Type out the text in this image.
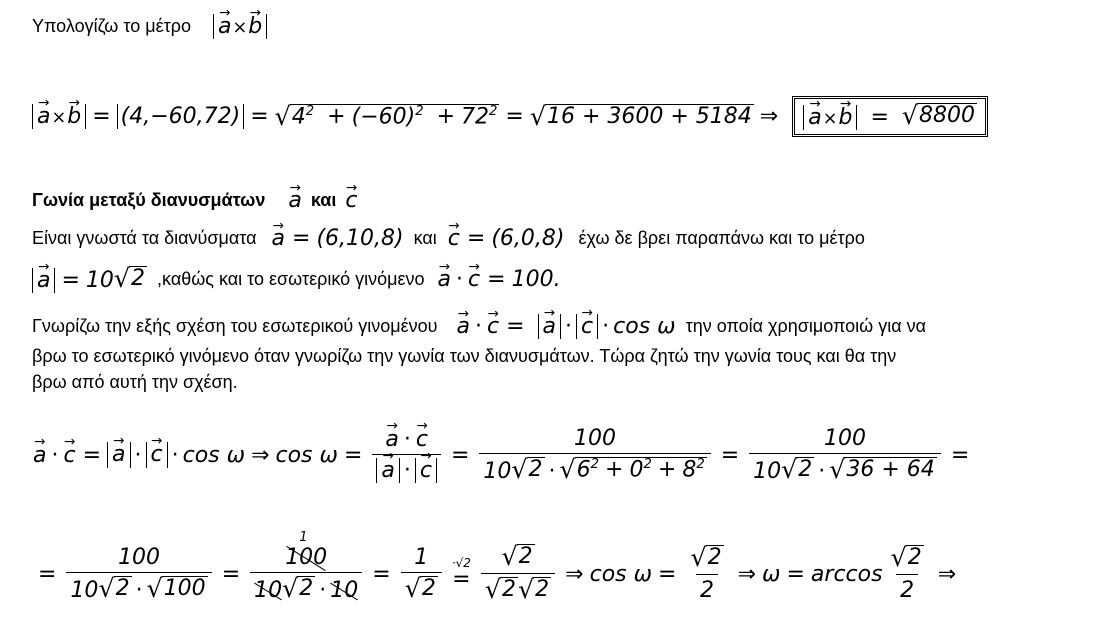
Υπολογίζω το μέτρο
→ a×→ b
→ a×→ b = (4,−60,72) = √ $4^2 + (-60)^2 + 72^2$ = √ 16 + 3600 + 5184 ⇒
→	a×→ b = √ 8800
Γωνία μεταξύ διανυσμάτων
→ a και
→ c
Είναι γνωστά τα διανύσματα
→ a = (6,10,8) και
→ c = (6,0,8) έχω δε βρει παραπάνω και το μέτρο
→ a = 10 √ 2 ,καθώς και το εσωτερικό γινόμενο
→ a ·→ c = 100.
Γνωρίζω την εξής σχέση του εσωτερικού γινομένου
→ a ·→ c = → a ·→ c · cos ω την οποία χρησιμοποιώ για να
βρω το εσωτερικό γινόμενο όταν γνωρίζω την γωνία των διανυσμάτων. Τώρα ζητώ την γωνία τους και θα την
βρω από αυτή την σχέση.
→ a ·
→ c =
→ a ·
→ c · cos ω ⇒ cos ω =
→ a ·→ c
→ $a \cdot\to c = \frac{100}{10 √ 2 \cdot √ 6^2 + 0^2 + 8^2} = \frac{100}{10 √ 2 \cdot √ 36 + 64}$ =
= $\frac{100}{10 √ 2 \cdot √ 100} = 1$
100
10 √ $2 \cdot 10 = \frac{1}{√ 2} \cdot√2$
= $\frac{√ 2}{√ 2 √ 2}$ ⇒ $\cos \omega = \frac{√ 2}{2}$ ⇒ $\omega = \arccos \frac{√ 2}{2}$ ⇒
